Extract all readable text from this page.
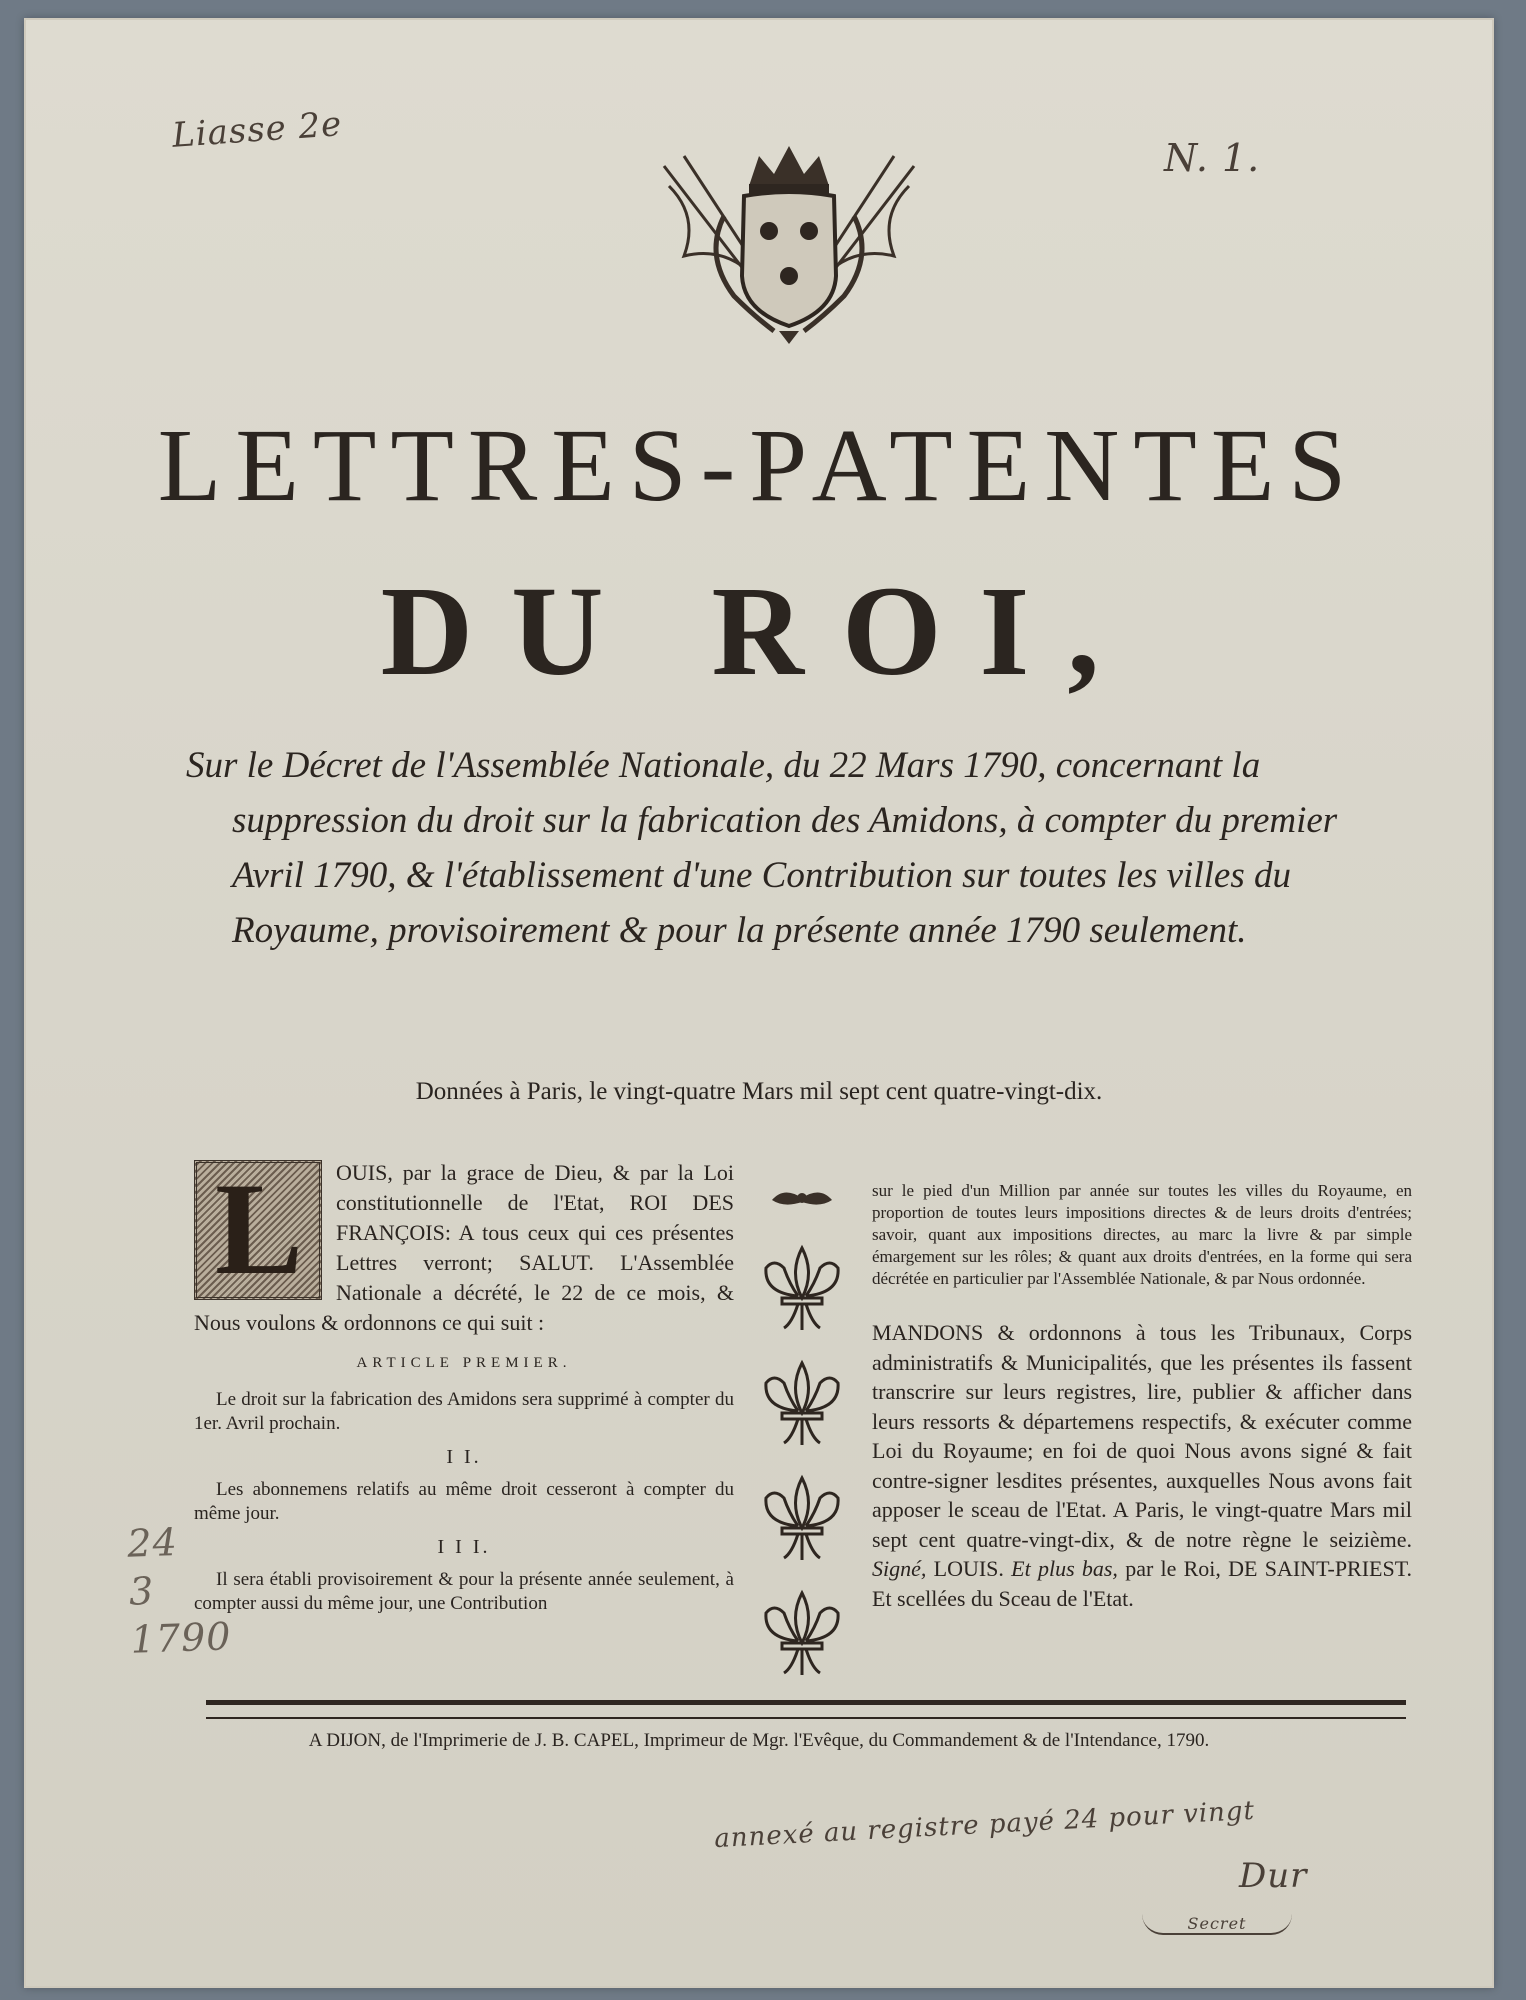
Liasse 2e
N. 1.
LETTRES-PATENTES
DU ROI,

Sur le Décret de l'Assemblée Nationale, du 22 Mars 1790, concernant la suppression du droit sur la fabrication des Amidons, à compter du premier Avril 1790, & l'établissement d'une Contribution sur toutes les villes du Royaume, provisoirement & pour la présente année 1790 seulement.

Données à Paris, le vingt-quatre Mars mil sept cent quatre-vingt-dix.
L	OUIS, par la grace de Dieu, & par la Loi constitutionnelle de l'Etat, ROI DES FRANÇOIS: A tous ceux qui ces présentes Lettres verront; SALUT. L'Assemblée Nationale a décrété, le 22 de ce mois, & Nous voulons & ordonnons ce qui suit :

ARTICLE PREMIER.

Le droit sur la fabrication des Amidons sera supprimé à compter du 1er. Avril prochain.

I I.

Les abonnemens relatifs au même droit cesseront à compter du même jour.

I I I.

Il sera établi provisoirement & pour la présente année seulement, à compter aussi du même jour, une Contribution

sur le pied d'un Million par année sur toutes les villes du Royaume, en proportion de toutes leurs impositions directes & de leurs droits d'entrées; savoir, quant aux impositions directes, au marc la livre & par simple émargement sur les rôles; & quant aux droits d'entrées, en la forme qui sera décrétée en particulier par l'Assemblée Nationale, & par Nous ordonnée.

MANDONS & ordonnons à tous les Tribunaux, Corps administratifs & Municipalités, que les présentes ils fassent transcrire sur leurs registres, lire, publier & afficher dans leurs ressorts & départemens respectifs, & exécuter comme Loi du Royaume; en foi de quoi Nous avons signé & fait contre-signer lesdites présentes, auxquelles Nous avons fait apposer le sceau de l'Etat. A Paris, le vingt-quatre Mars mil sept cent quatre-vingt-dix, & de notre règne le seizième. Signé, LOUIS. Et plus bas, par le Roi, DE SAINT-PRIEST. Et scellées du Sceau de l'Etat.

A DIJON, de l'Imprimerie de J. B. CAPEL, Imprimeur de Mgr. l'Evêque, du Commandement & de l'Intendance, 1790.
annexé au registre payé 24 pour vingt
Dur
Secret
24
3
1790
